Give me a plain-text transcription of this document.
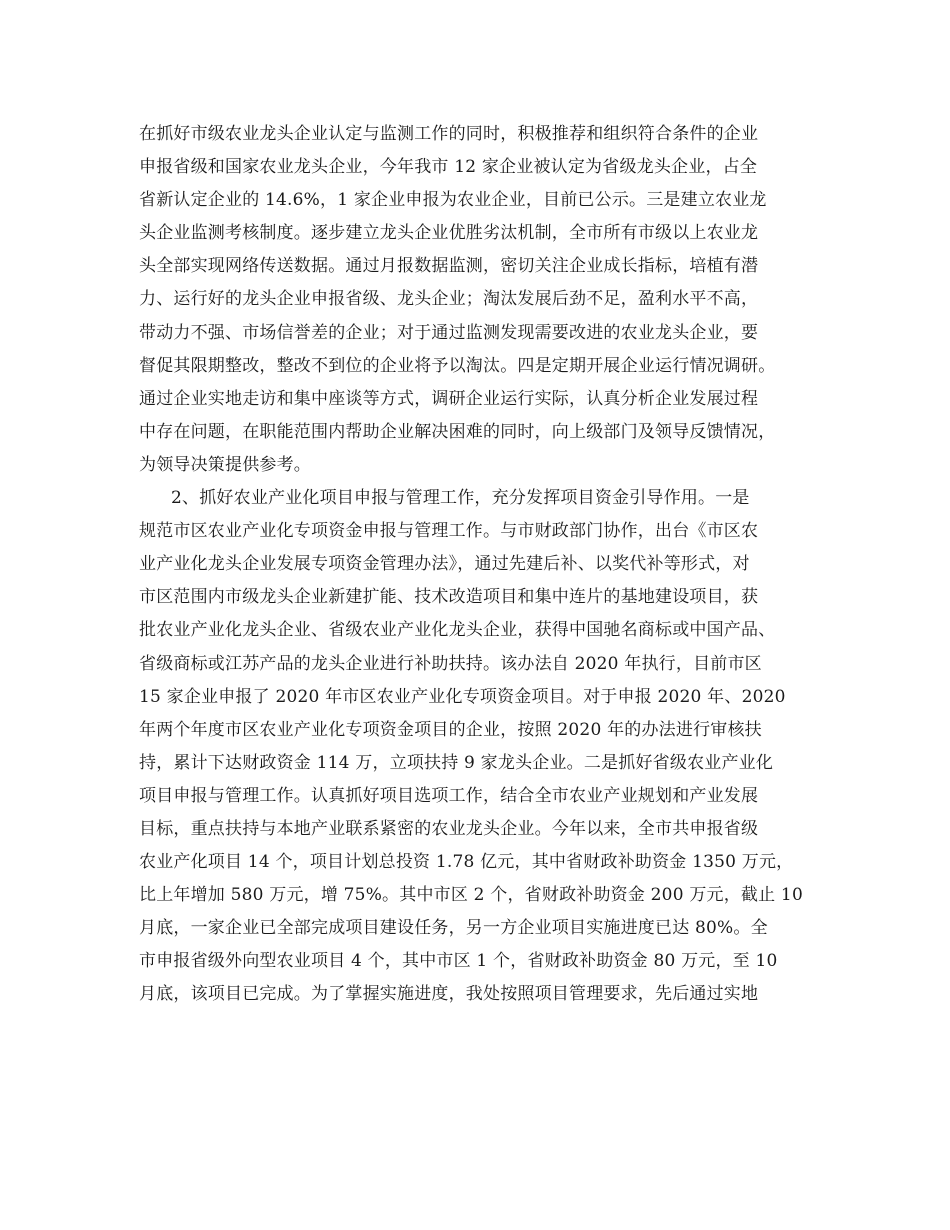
在抓好市级农业龙头企业认定与监测工作的同时，积极推荐和组织符合条件的企业
申报省级和国家农业龙头企业，今年我市 12 家企业被认定为省级龙头企业，占全
省新认定企业的 14.6%，1 家企业申报为农业企业，目前已公示。三是建立农业龙
头企业监测考核制度。逐步建立龙头企业优胜劣汰机制，全市所有市级以上农业龙
头全部实现网络传送数据。通过月报数据监测，密切关注企业成长指标，培植有潜
力、运行好的龙头企业申报省级、龙头企业；淘汰发展后劲不足，盈利水平不高，
带动力不强、市场信誉差的企业；对于通过监测发现需要改进的农业龙头企业，要
督促其限期整改，整改不到位的企业将予以淘汰。四是定期开展企业运行情况调研。
通过企业实地走访和集中座谈等方式，调研企业运行实际，认真分析企业发展过程
中存在问题，在职能范围内帮助企业解决困难的同时，向上级部门及领导反馈情况，
为领导决策提供参考。
2、抓好农业产业化项目申报与管理工作，充分发挥项目资金引导作用。一是
规范市区农业产业化专项资金申报与管理工作。与市财政部门协作，出台《市区农
业产业化龙头企业发展专项资金管理办法》，通过先建后补、以奖代补等形式，对
市区范围内市级龙头企业新建扩能、技术改造项目和集中连片的基地建设项目，获
批农业产业化龙头企业、省级农业产业化龙头企业，获得中国驰名商标或中国产品、
省级商标或江苏产品的龙头企业进行补助扶持。该办法自 2020 年执行，目前市区
15 家企业申报了 2020 年市区农业产业化专项资金项目。对于申报 2020 年、2020
年两个年度市区农业产业化专项资金项目的企业，按照 2020 年的办法进行审核扶
持，累计下达财政资金 114 万，立项扶持 9 家龙头企业。二是抓好省级农业产业化
项目申报与管理工作。认真抓好项目选项工作，结合全市农业产业规划和产业发展
目标，重点扶持与本地产业联系紧密的农业龙头企业。今年以来，全市共申报省级
农业产化项目 14 个，项目计划总投资 1.78 亿元，其中省财政补助资金 1350 万元，
比上年增加 580 万元，增 75%。其中市区 2 个，省财政补助资金 200 万元，截止 10
月底，一家企业已全部完成项目建设任务，另一方企业项目实施进度已达 80%。全
市申报省级外向型农业项目 4 个，其中市区 1 个，省财政补助资金 80 万元，至 10
月底，该项目已完成。为了掌握实施进度，我处按照项目管理要求，先后通过实地
